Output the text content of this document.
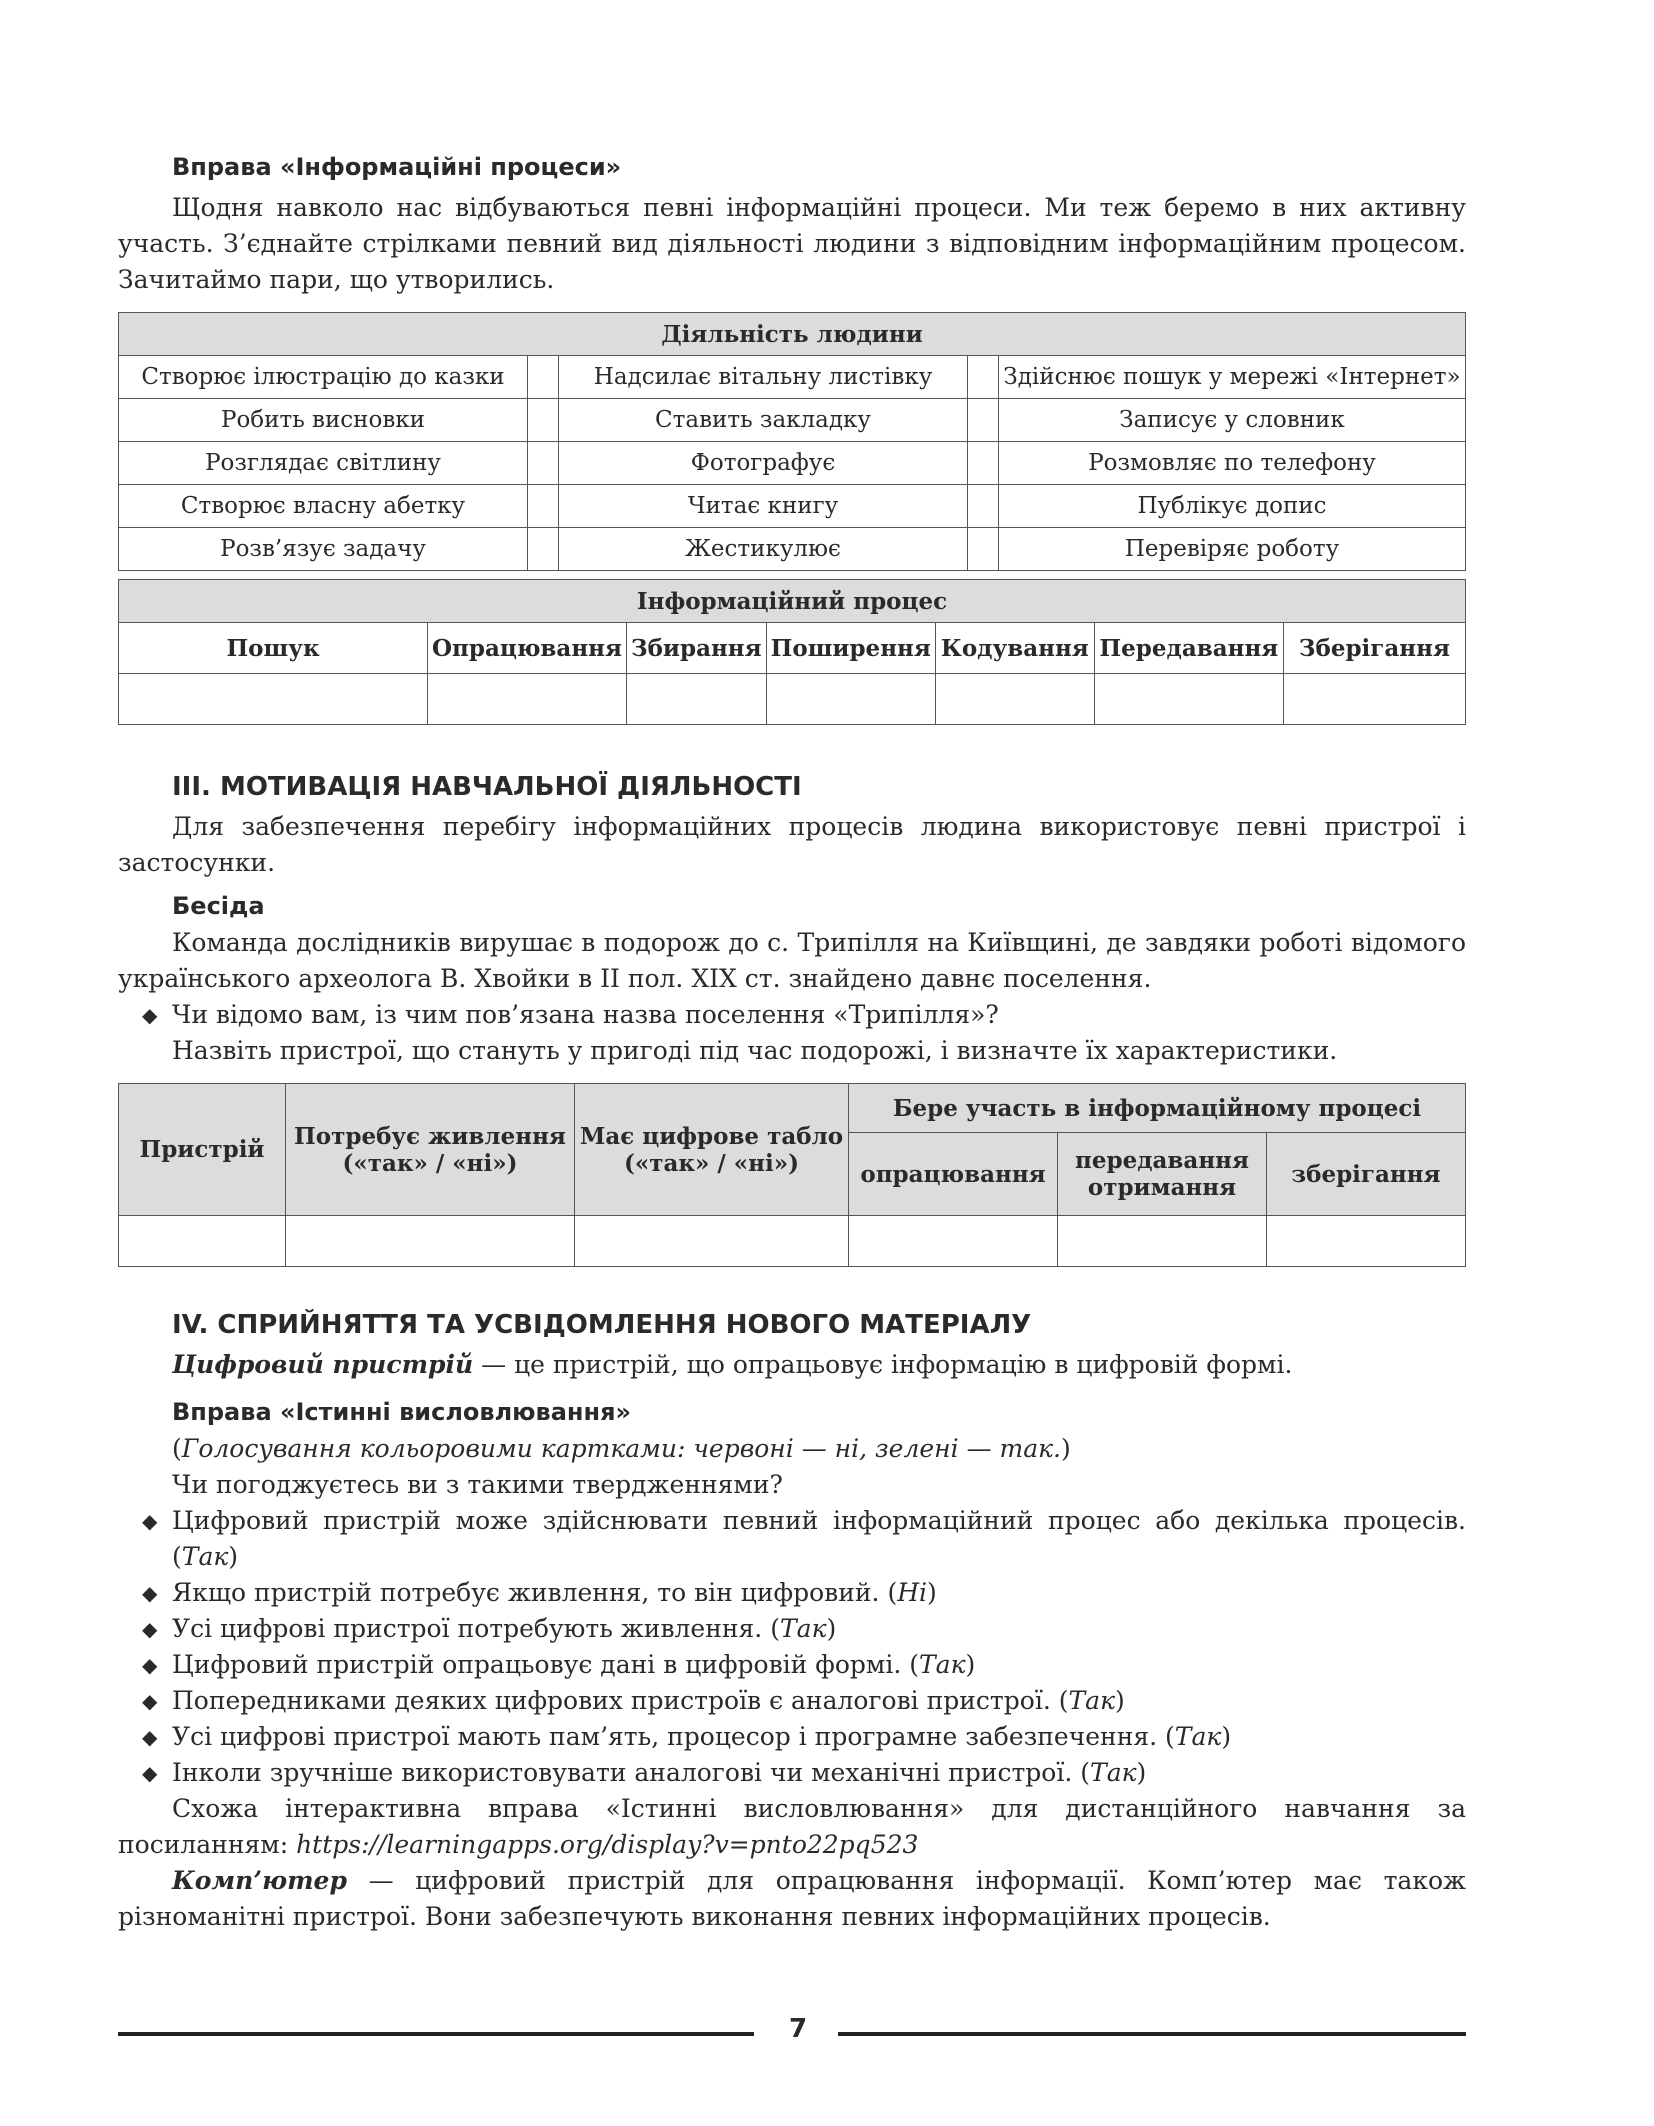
Вправа «Інформаційні процеси»

Щодня навколо нас відбуваються певні інформаційні процеси. Ми теж беремо в них активну участь. З’єднайте стрілками певний вид діяльності людини з відповідним інформаційним процесом. Зачитаймо пари, що утворились.

Діяльність людини				
Створює ілюстрацію до казки		Надсилає вітальну листівку		Здійснює пошук у мережі «Інтернет»
Робить висновки		Ставить закладку		Записує у словник
Розглядає світлину		Фотографує		Розмовляє по телефону
Створює власну абетку		Читає книгу		Публікує допис
Розв’язує задачу		Жестикулює		Перевіряє роботу
Інформаційний процес						
Пошук	Опрацювання	Збирання	Поширення	Кодування	Передавання	Зберігання

ІІІ. МОТИВАЦІЯ НАВЧАЛЬНОЇ ДІЯЛЬНОСТІ

Для забезпечення перебігу інформаційних процесів людина використовує певні пристрої і застосунки.

Бесіда

Команда дослідників вирушає в подорож до с. Трипілля на Київщині, де завдяки роботі відомого українського археолога В. Хвойки в ІІ пол. XIX ст. знайдено давнє поселення.

◆ Чи відомо вам, із чим пов’язана назва поселення «Трипілля»?

Назвіть пристрої, що стануть у пригоді під час подорожі, і визначте їх характеристики.

Пристрій	Потребує живлення («так» / «ні»)	Має цифрове табло («так» / «ні»)	Бере участь в інформаційному процесі		
			опрацювання	передавання отримання	зберігання

IV. СПРИЙНЯТТЯ ТА УСВІДОМЛЕННЯ НОВОГО МАТЕРІАЛУ

Цифровий пристрій — це пристрій, що опрацьовує інформацію в цифровій формі.

Вправа «Істинні висловлювання»

(Голосування кольоровими картками: червоні — ні, зелені — так.)

Чи погоджуєтесь ви з такими твердженнями?

◆ Цифровий пристрій може здійснювати певний інформаційний процес або декілька процесів. (Так)
◆ Якщо пристрій потребує живлення, то він цифровий. (Ні)
◆ Усі цифрові пристрої потребують живлення. (Так)
◆ Цифровий пристрій опрацьовує дані в цифровій формі. (Так)
◆ Попередниками деяких цифрових пристроїв є аналогові пристрої. (Так)
◆ Усі цифрові пристрої мають пам’ять, процесор і програмне забезпечення. (Так)
◆ Інколи зручніше використовувати аналогові чи механічні пристрої. (Так)

Схожа інтерактивна вправа «Істинні висловлювання» для дистанційного навчання за посиланням: https://learningapps.org/display?v=pnto22pq523

Комп’ютер — цифровий пристрій для опрацювання інформації. Комп’ютер має також різноманітні пристрої. Вони забезпечують виконання певних інформаційних процесів.

7
